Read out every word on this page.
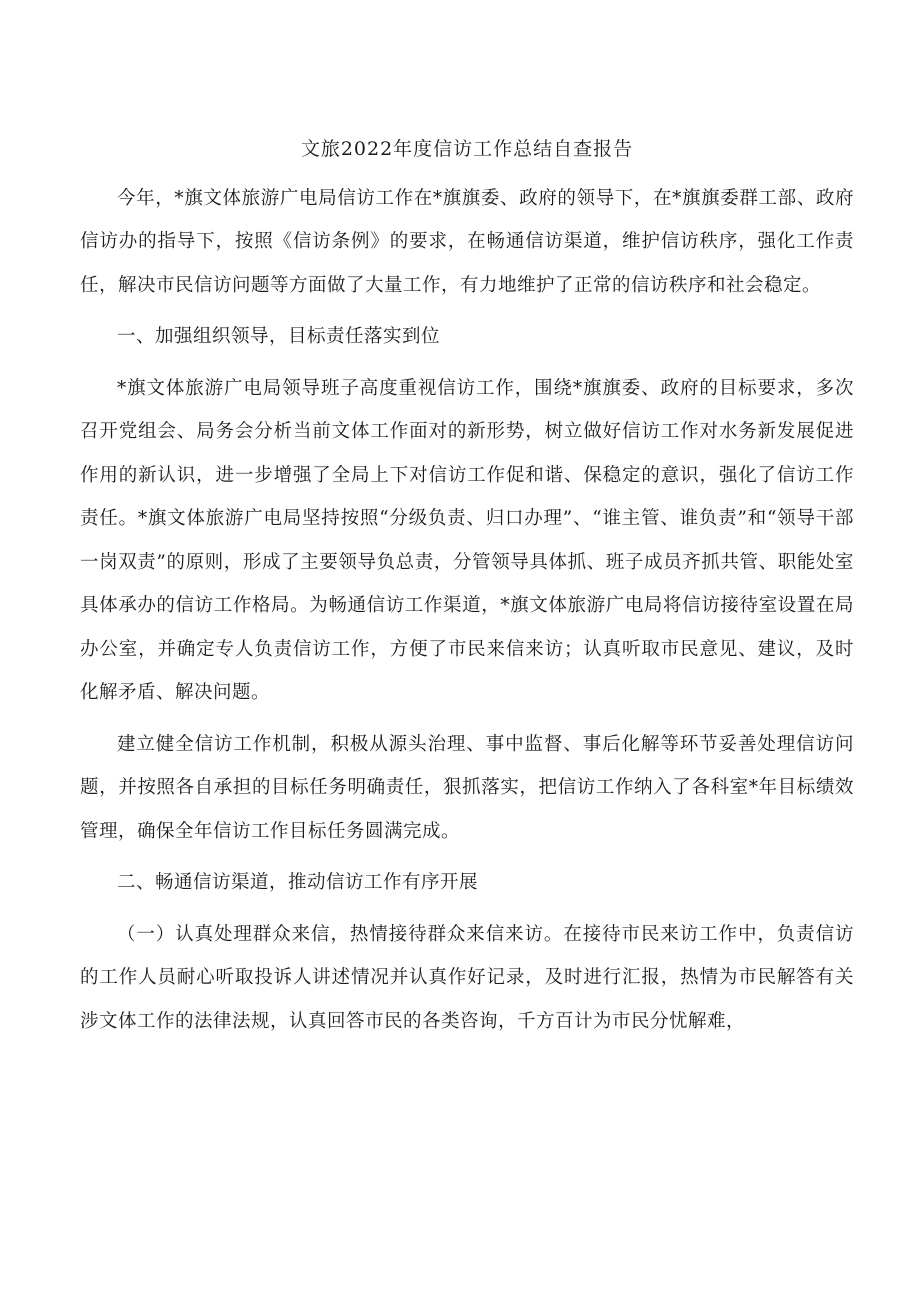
文旅2022年度信访工作总结自查报告

今年，*旗文体旅游广电局信访工作在*旗旗委、政府的领导下，在*旗旗委群工部、政府信访办的指导下，按照《信访条例》的要求，在畅通信访渠道，维护信访秩序，强化工作责任，解决市民信访问题等方面做了大量工作，有力地维护了正常的信访秩序和社会稳定。

一、加强组织领导，目标责任落实到位

*旗文体旅游广电局领导班子高度重视信访工作，围绕*旗旗委、政府的目标要求，多次召开党组会、局务会分析当前文体工作面对的新形势，树立做好信访工作对水务新发展促进作用的新认识，进一步增强了全局上下对信访工作促和谐、保稳定的意识，强化了信访工作责任。*旗文体旅游广电局坚持按照“分级负责、归口办理”、“谁主管、谁负责”和“领导干部一岗双责”的原则，形成了主要领导负总责，分管领导具体抓、班子成员齐抓共管、职能处室具体承办的信访工作格局。为畅通信访工作渠道，*旗文体旅游广电局将信访接待室设置在局办公室，并确定专人负责信访工作，方便了市民来信来访；认真听取市民意见、建议，及时化解矛盾、解决问题。

建立健全信访工作机制，积极从源头治理、事中监督、事后化解等环节妥善处理信访问题，并按照各自承担的目标任务明确责任，狠抓落实，把信访工作纳入了各科室*年目标绩效管理，确保全年信访工作目标任务圆满完成。

二、畅通信访渠道，推动信访工作有序开展

（一）认真处理群众来信，热情接待群众来信来访。在接待市民来访工作中，负责信访的工作人员耐心听取投诉人讲述情况并认真作好记录，及时进行汇报，热情为市民解答有关涉文体工作的法律法规，认真回答市民的各类咨询，千方百计为市民分忧解难，
